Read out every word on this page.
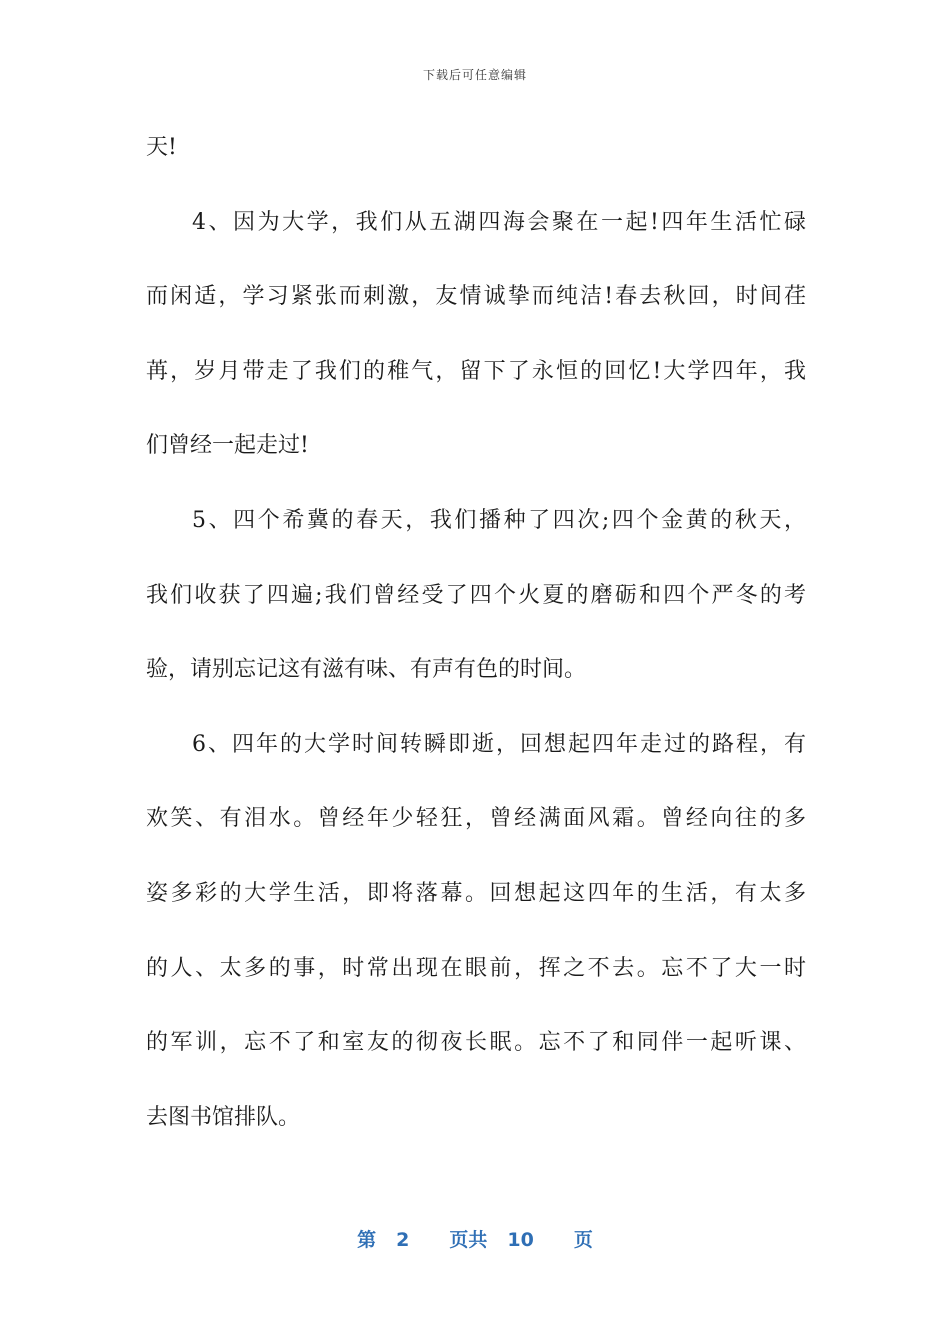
下载后可任意编辑
天!
4、因为大学，我们从五湖四海会聚在一起!四年生活忙碌
而闲适，学习紧张而刺激，友情诚挚而纯洁!春去秋回，时间荏
苒，岁月带走了我们的稚气，留下了永恒的回忆!大学四年，我
们曾经一起走过!
5、四个希冀的春天，我们播种了四次;四个金黄的秋天，
我们收获了四遍;我们曾经受了四个火夏的磨砺和四个严冬的考
验，请别忘记这有滋有味、有声有色的时间。
6、四年的大学时间转瞬即逝，回想起四年走过的路程，有
欢笑、有泪水。曾经年少轻狂，曾经满面风霜。曾经向往的多
姿多彩的大学生活，即将落幕。回想起这四年的生活，有太多
的人、太多的事，时常出现在眼前，挥之不去。忘不了大一时
的军训，忘不了和室友的彻夜长眠。忘不了和同伴一起听课、
去图书馆排队。
第 2 页共 10 页
